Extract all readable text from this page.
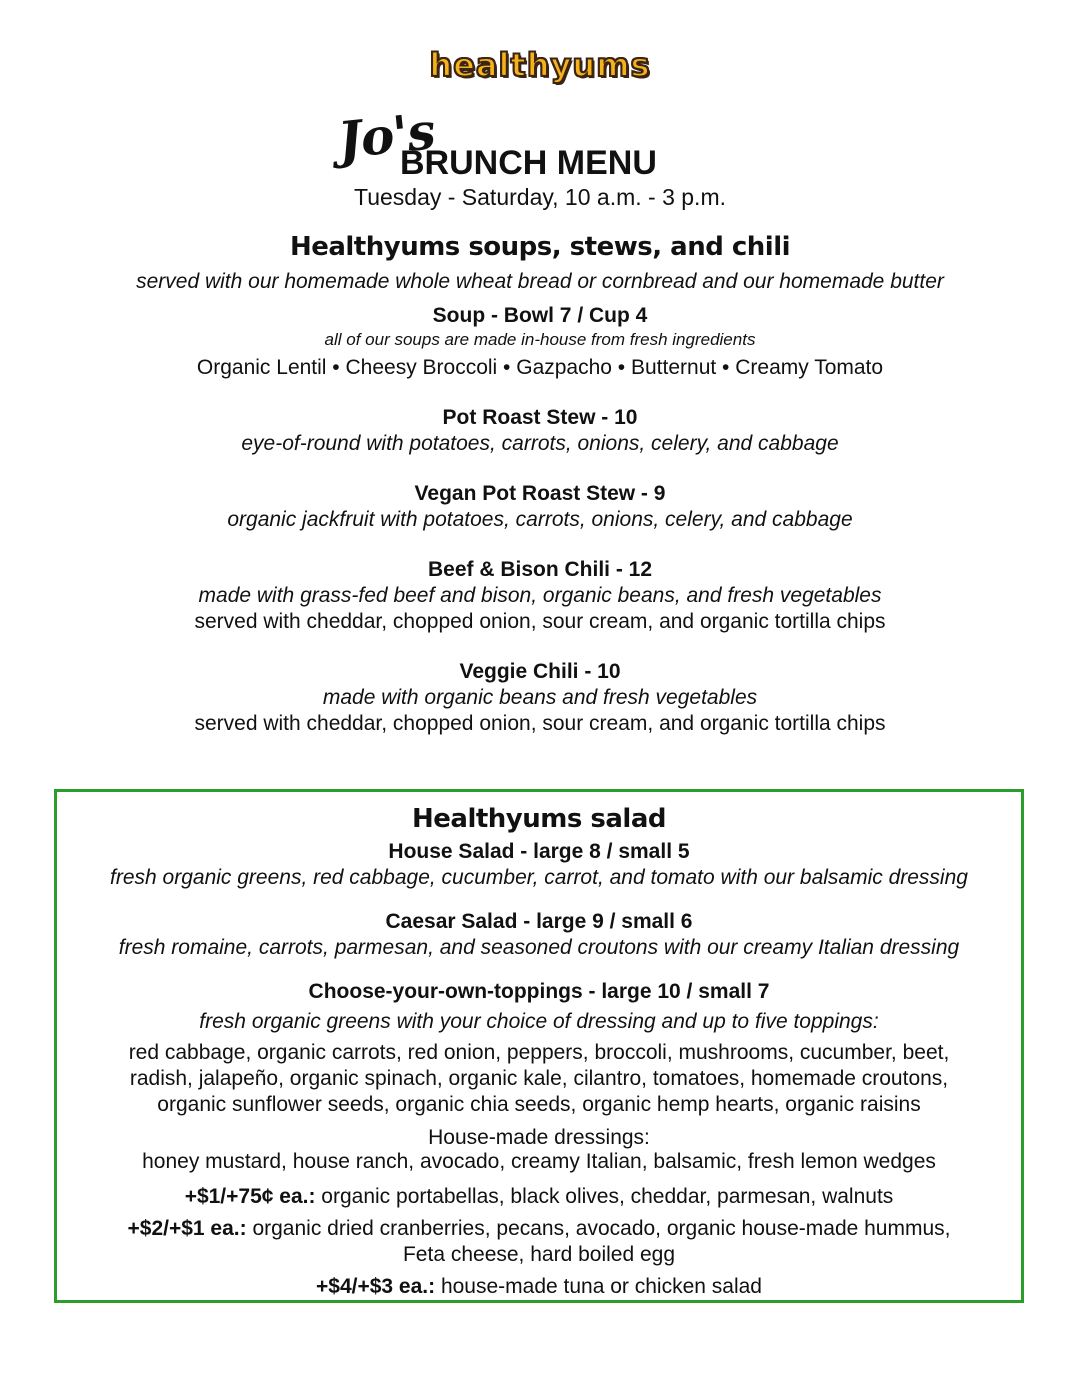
healthyums
Jo's
BRUNCH MENU
Tuesday - Saturday, 10 a.m. - 3 p.m.
Healthyums soups, stews, and chili
served with our homemade whole wheat bread or cornbread and our homemade butter
Soup - Bowl 7 / Cup 4
all of our soups are made in-house from fresh ingredients
Organic Lentil • Cheesy Broccoli • Gazpacho • Butternut • Creamy Tomato
Pot Roast Stew - 10
eye-of-round with potatoes, carrots, onions, celery, and cabbage
Vegan Pot Roast Stew - 9
organic jackfruit with potatoes, carrots, onions, celery, and cabbage
Beef & Bison Chili - 12
made with grass-fed beef and bison, organic beans, and fresh vegetables
served with cheddar, chopped onion, sour cream, and organic tortilla chips
Veggie Chili - 10
made with organic beans and fresh vegetables
served with cheddar, chopped onion, sour cream, and organic tortilla chips
Healthyums salad
House Salad - large 8 / small 5
fresh organic greens, red cabbage, cucumber, carrot, and tomato with our balsamic dressing
Caesar Salad - large 9 / small 6
fresh romaine, carrots, parmesan, and seasoned croutons with our creamy Italian dressing
Choose-your-own-toppings - large 10 / small 7
fresh organic greens with your choice of dressing and up to five toppings:
red cabbage, organic carrots, red onion, peppers, broccoli, mushrooms, cucumber, beet,
radish, jalapeño, organic spinach, organic kale, cilantro, tomatoes, homemade croutons,
organic sunflower seeds, organic chia seeds, organic hemp hearts, organic raisins
House-made dressings:
honey mustard, house ranch, avocado, creamy Italian, balsamic, fresh lemon wedges
+$1/+75¢ ea.: organic portabellas, black olives, cheddar, parmesan, walnuts
+$2/+$1 ea.: organic dried cranberries, pecans, avocado, organic house-made hummus,
Feta cheese, hard boiled egg
+$4/+$3 ea.: house-made tuna or chicken salad
